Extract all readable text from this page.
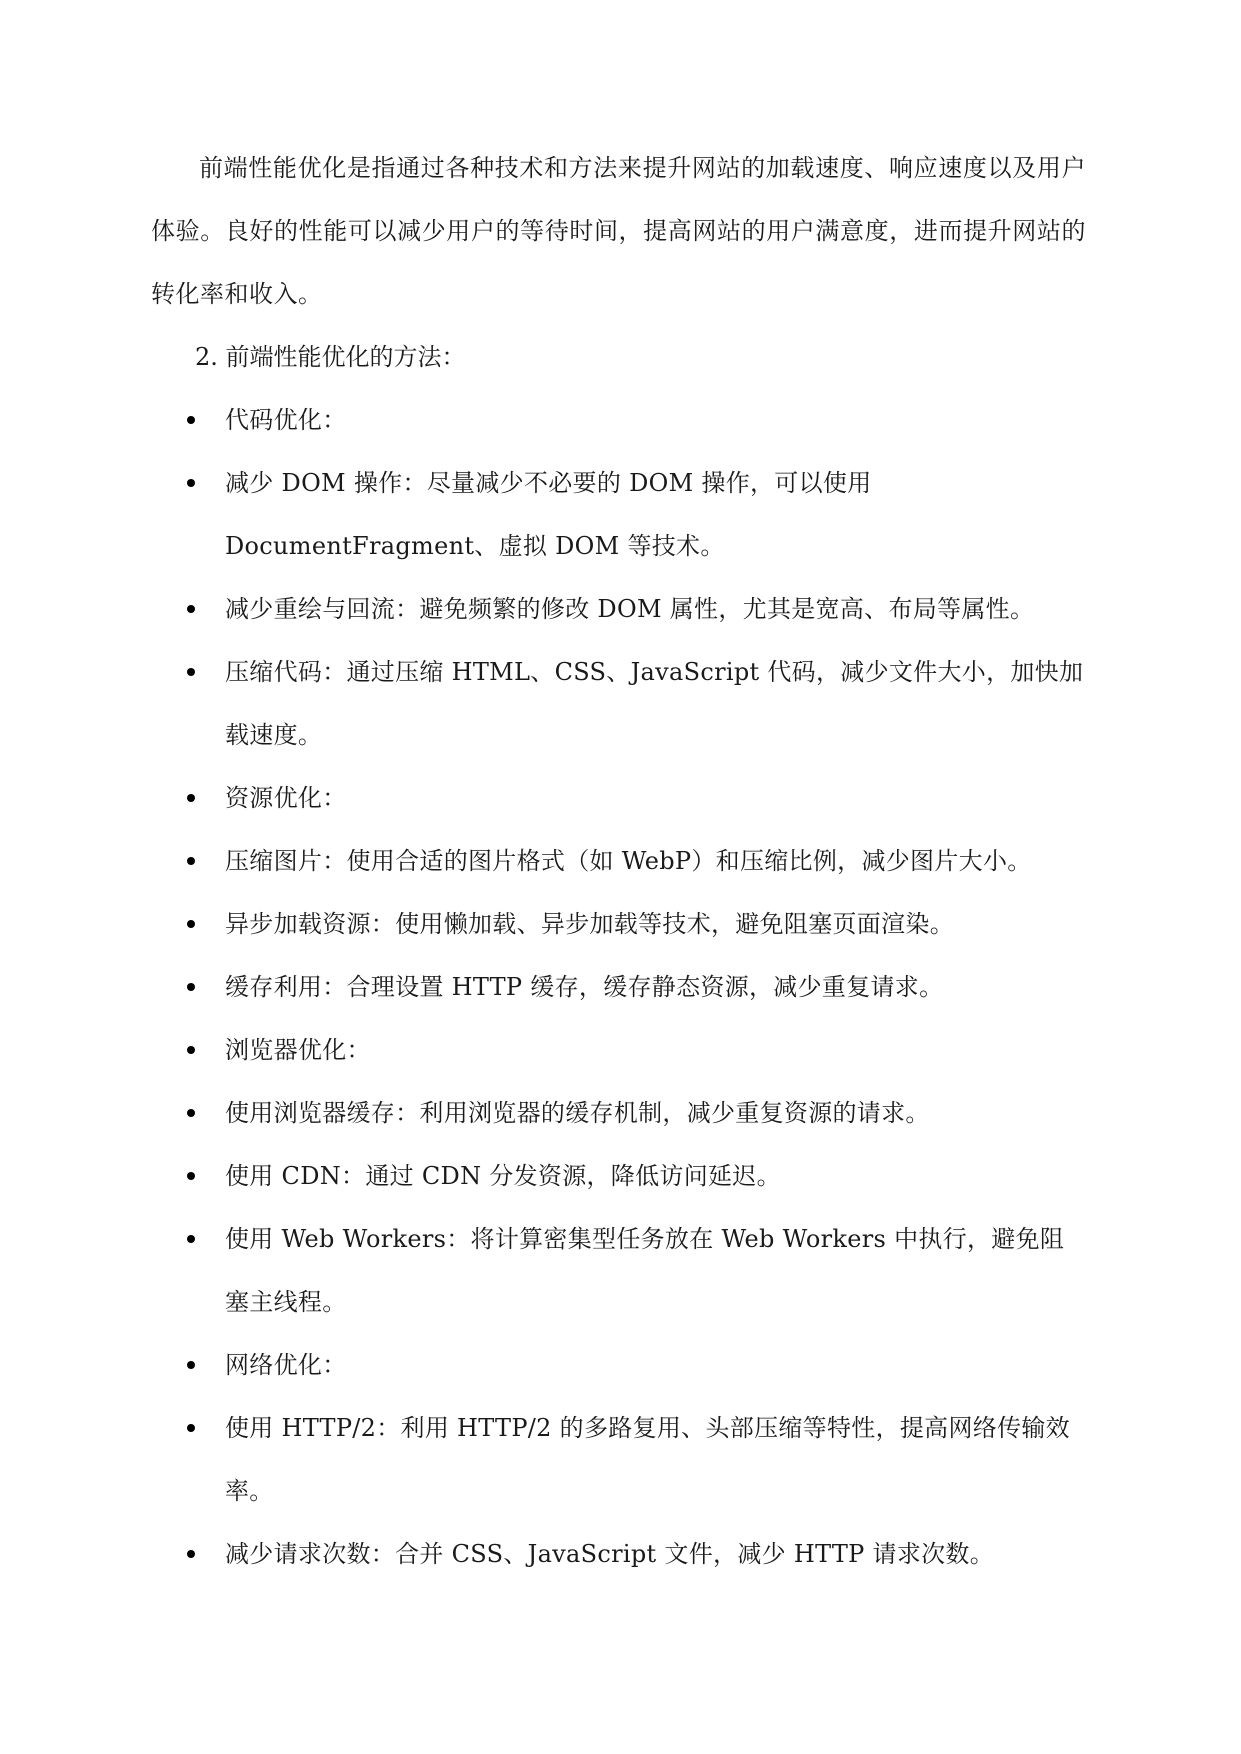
前端性能优化是指通过各种技术和方法来提升网站的加载速度、响应速度以及用户体验。良好的性能可以减少用户的等待时间，提高网站的用户满意度，进而提升网站的转化率和收入。

2. 前端性能优化的方法：

代码优化：
减少 DOM 操作：尽量减少不必要的 DOM 操作，可以使用 DocumentFragment、虚拟 DOM 等技术。
减少重绘与回流：避免频繁的修改 DOM 属性，尤其是宽高、布局等属性。
压缩代码：通过压缩 HTML、CSS、JavaScript 代码，减少文件大小，加快加载速度。
资源优化：
压缩图片：使用合适的图片格式（如 WebP）和压缩比例，减少图片大小。
异步加载资源：使用懒加载、异步加载等技术，避免阻塞页面渲染。
缓存利用：合理设置 HTTP 缓存，缓存静态资源，减少重复请求。
浏览器优化：
使用浏览器缓存：利用浏览器的缓存机制，减少重复资源的请求。
使用 CDN：通过 CDN 分发资源，降低访问延迟。
使用 Web Workers：将计算密集型任务放在 Web Workers 中执行，避免阻塞主线程。
网络优化：
使用 HTTP/2：利用 HTTP/2 的多路复用、头部压缩等特性，提高网络传输效率。
减少请求次数：合并 CSS、JavaScript 文件，减少 HTTP 请求次数。
